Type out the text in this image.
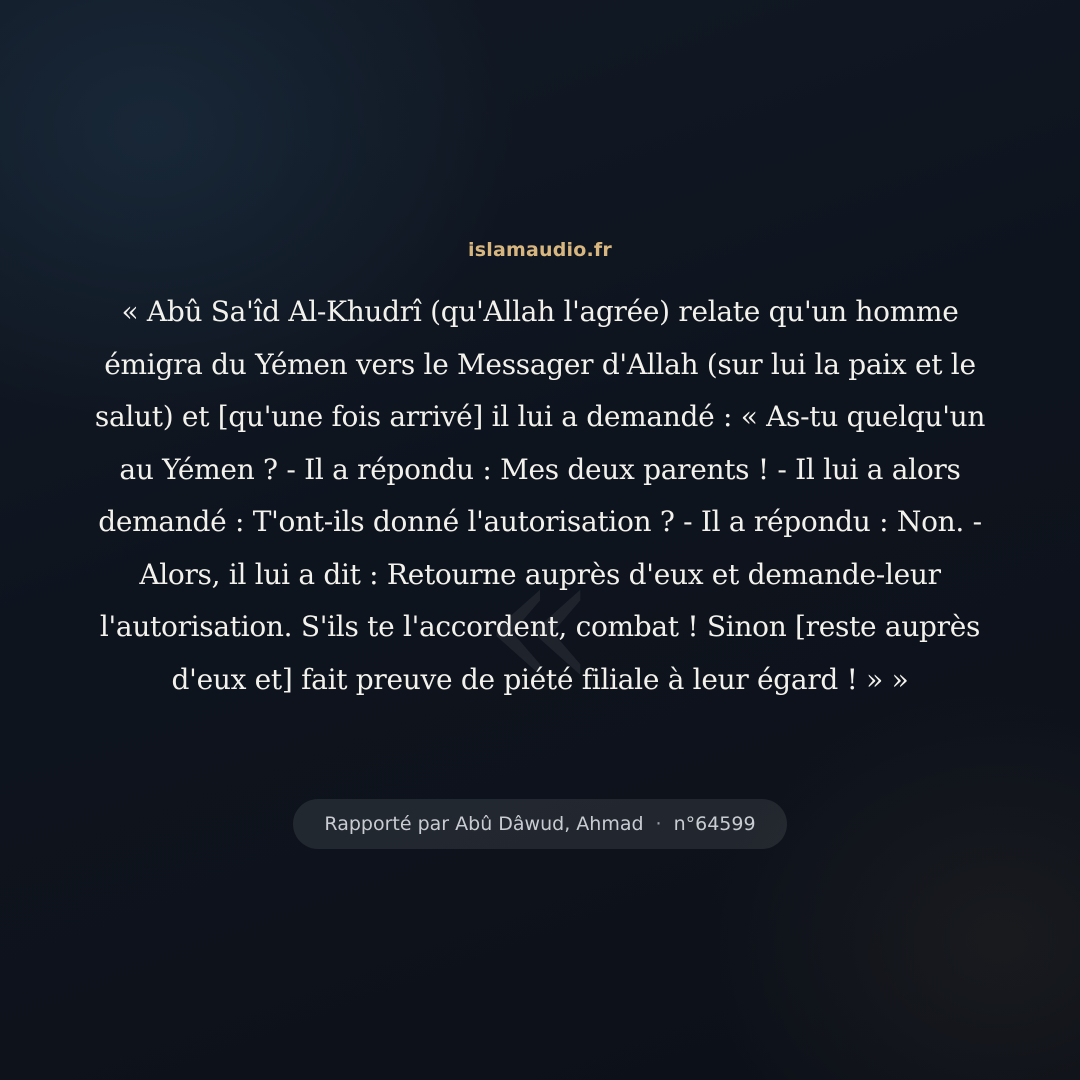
«
islamaudio.fr

« Abû Sa'îd Al-Khudrî (qu'Allah l'agrée) relate qu'un homme émigra du Yémen vers le Messager d'Allah (sur lui la paix et le salut) et [qu'une fois arrivé] il lui a demandé : « As-tu quelqu'un au Yémen ? - Il a répondu : Mes deux parents ! - Il lui a alors demandé : T'ont-ils donné l'autorisation ? - Il a répondu : Non. - Alors, il lui a dit : Retourne auprès d'eux et demande-leur l'autorisation. S'ils te l'accordent, combat ! Sinon [reste auprès d'eux et] fait preuve de piété filiale à leur égard ! » »

Rapporté par Abû Dâwud, Ahmad · n°64599
